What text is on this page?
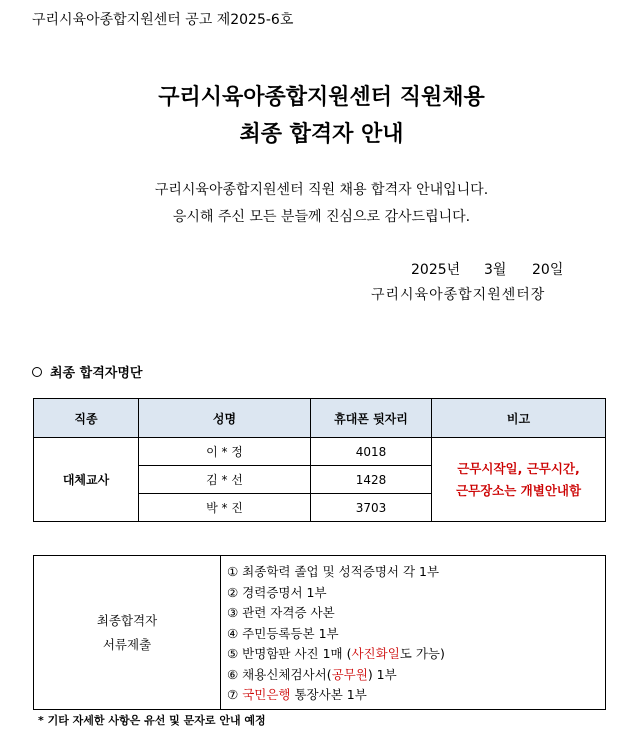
구리시육아종합지원센터 공고 제2025-6호
구리시육아종합지원센터 직원채용
최종 합격자 안내
구리시육아종합지원센터 직원 채용 합격자 안내입니다.
응시해 주신 모든 분들께 진심으로 감사드립니다.
2025년 3월 20일
구리시육아종합지원센터장
최종 합격자명단
직종	성명	휴대폰 뒷자리	비고
대체교사	이 * 정	4018	근무시작일, 근무시간,
근무장소는 개별안내함

	김 * 선	1428	
	박 * 진	3703	
최종합격자
서류제출

① 최종학력 졸업 및 성적증명서 각 1부
② 경력증명서 1부
③ 관련 자격증 사본
④ 주민등록등본 1부
⑤ 반명함판 사진 1매 (사진화일도 가능)
⑥ 채용신체검사서(공무원) 1부
⑦ 국민은행 통장사본 1부
* 기타 자세한 사항은 유선 및 문자로 안내 예정
